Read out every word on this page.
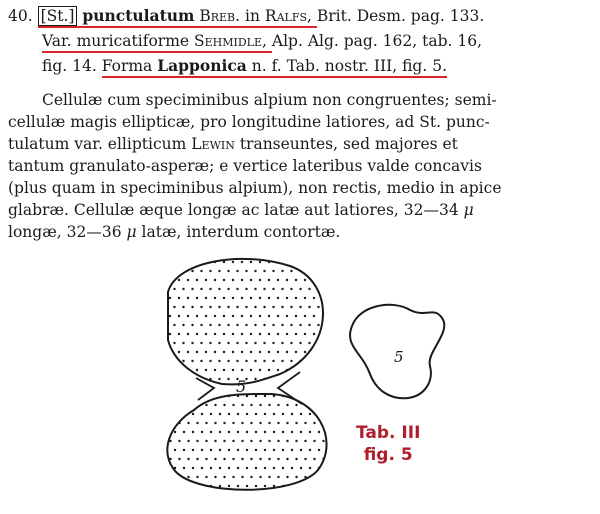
40. [St.] punctulatum Breb. in Ralfs, Brit. Desm. pag. 133.
Var. muricatiforme Sehmidle, Alp. Alg. pag. 162, tab. 16,
fig. 14. Forma Lapponica n. f. Tab. nostr. III, fig. 5.
Cellulæ cum speciminibus alpium non congruentes; semi-
cellulæ magis ellipticæ, pro longitudine latiores, ad St. punc-
tulatum var. ellipticum Lewin transeuntes, sed majores et
tantum granulato-asperæ; e vertice lateribus valde concavis
(plus quam in speciminibus alpium), non rectis, medio in apice
glabræ. Cellulæ æque longæ ac latæ aut latiores, 32—34 μ
longæ, 32—36 μ latæ, interdum contortæ.
5
5
Tab. III
fig. 5
